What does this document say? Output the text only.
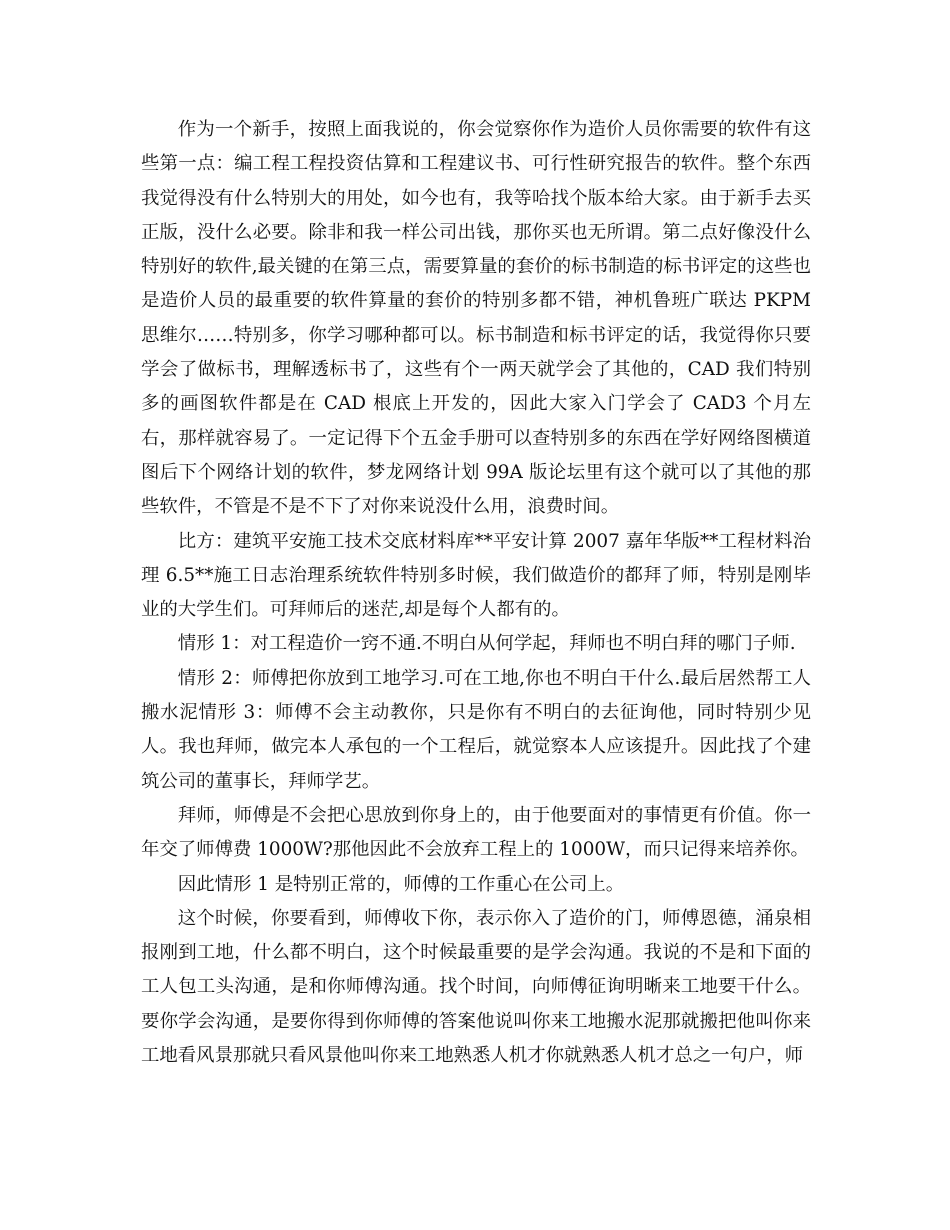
作为一个新手，按照上面我说的，你会觉察你作为造价人员你需要的软件有这些第一点：编工程工程投资估算和工程建议书、可行性研究报告的软件。整个东西我觉得没有什么特别大的用处，如今也有，我等哈找个版本给大家。由于新手去买正版，没什么必要。除非和我一样公司出钱，那你买也无所谓。第二点好像没什么特别好的软件,最关键的在第三点，需要算量的套价的标书制造的标书评定的这些也是造价人员的最重要的软件算量的套价的特别多都不错，神机鲁班广联达 PKPM 思维尔……特别多，你学习哪种都可以。标书制造和标书评定的话，我觉得你只要学会了做标书，理解透标书了，这些有个一两天就学会了其他的，CAD 我们特别多的画图软件都是在 CAD 根底上开发的，因此大家入门学会了 CAD3 个月左右，那样就容易了。一定记得下个五金手册可以查特别多的东西在学好网络图横道图后下个网络计划的软件，梦龙网络计划 99A 版论坛里有这个就可以了其他的那些软件，不管是不是不下了对你来说没什么用，浪费时间。

比方：建筑平安施工技术交底材料库**平安计算 2007 嘉年华版**工程材料治理 6.5**施工日志治理系统软件特别多时候，我们做造价的都拜了师，特别是刚毕业的大学生们。可拜师后的迷茫,却是每个人都有的。

情形 1：对工程造价一窍不通.不明白从何学起，拜师也不明白拜的哪门子师.

情形 2：师傅把你放到工地学习.可在工地,你也不明白干什么.最后居然帮工人搬水泥情形 3：师傅不会主动教你，只是你有不明白的去征询他，同时特别少见人。我也拜师，做完本人承包的一个工程后，就觉察本人应该提升。因此找了个建筑公司的董事长，拜师学艺。

拜师，师傅是不会把心思放到你身上的，由于他要面对的事情更有价值。你一年交了师傅费 1000W?那他因此不会放弃工程上的 1000W，而只记得来培养你。

因此情形 1 是特别正常的，师傅的工作重心在公司上。

这个时候，你要看到，师傅收下你，表示你入了造价的门，师傅恩德，涌泉相报刚到工地，什么都不明白，这个时候最重要的是学会沟通。我说的不是和下面的工人包工头沟通，是和你师傅沟通。找个时间，向师傅征询明晰来工地要干什么。要你学会沟通，是要你得到你师傅的答案他说叫你来工地搬水泥那就搬把他叫你来工地看风景那就只看风景他叫你来工地熟悉人机才你就熟悉人机才总之一句户，师
